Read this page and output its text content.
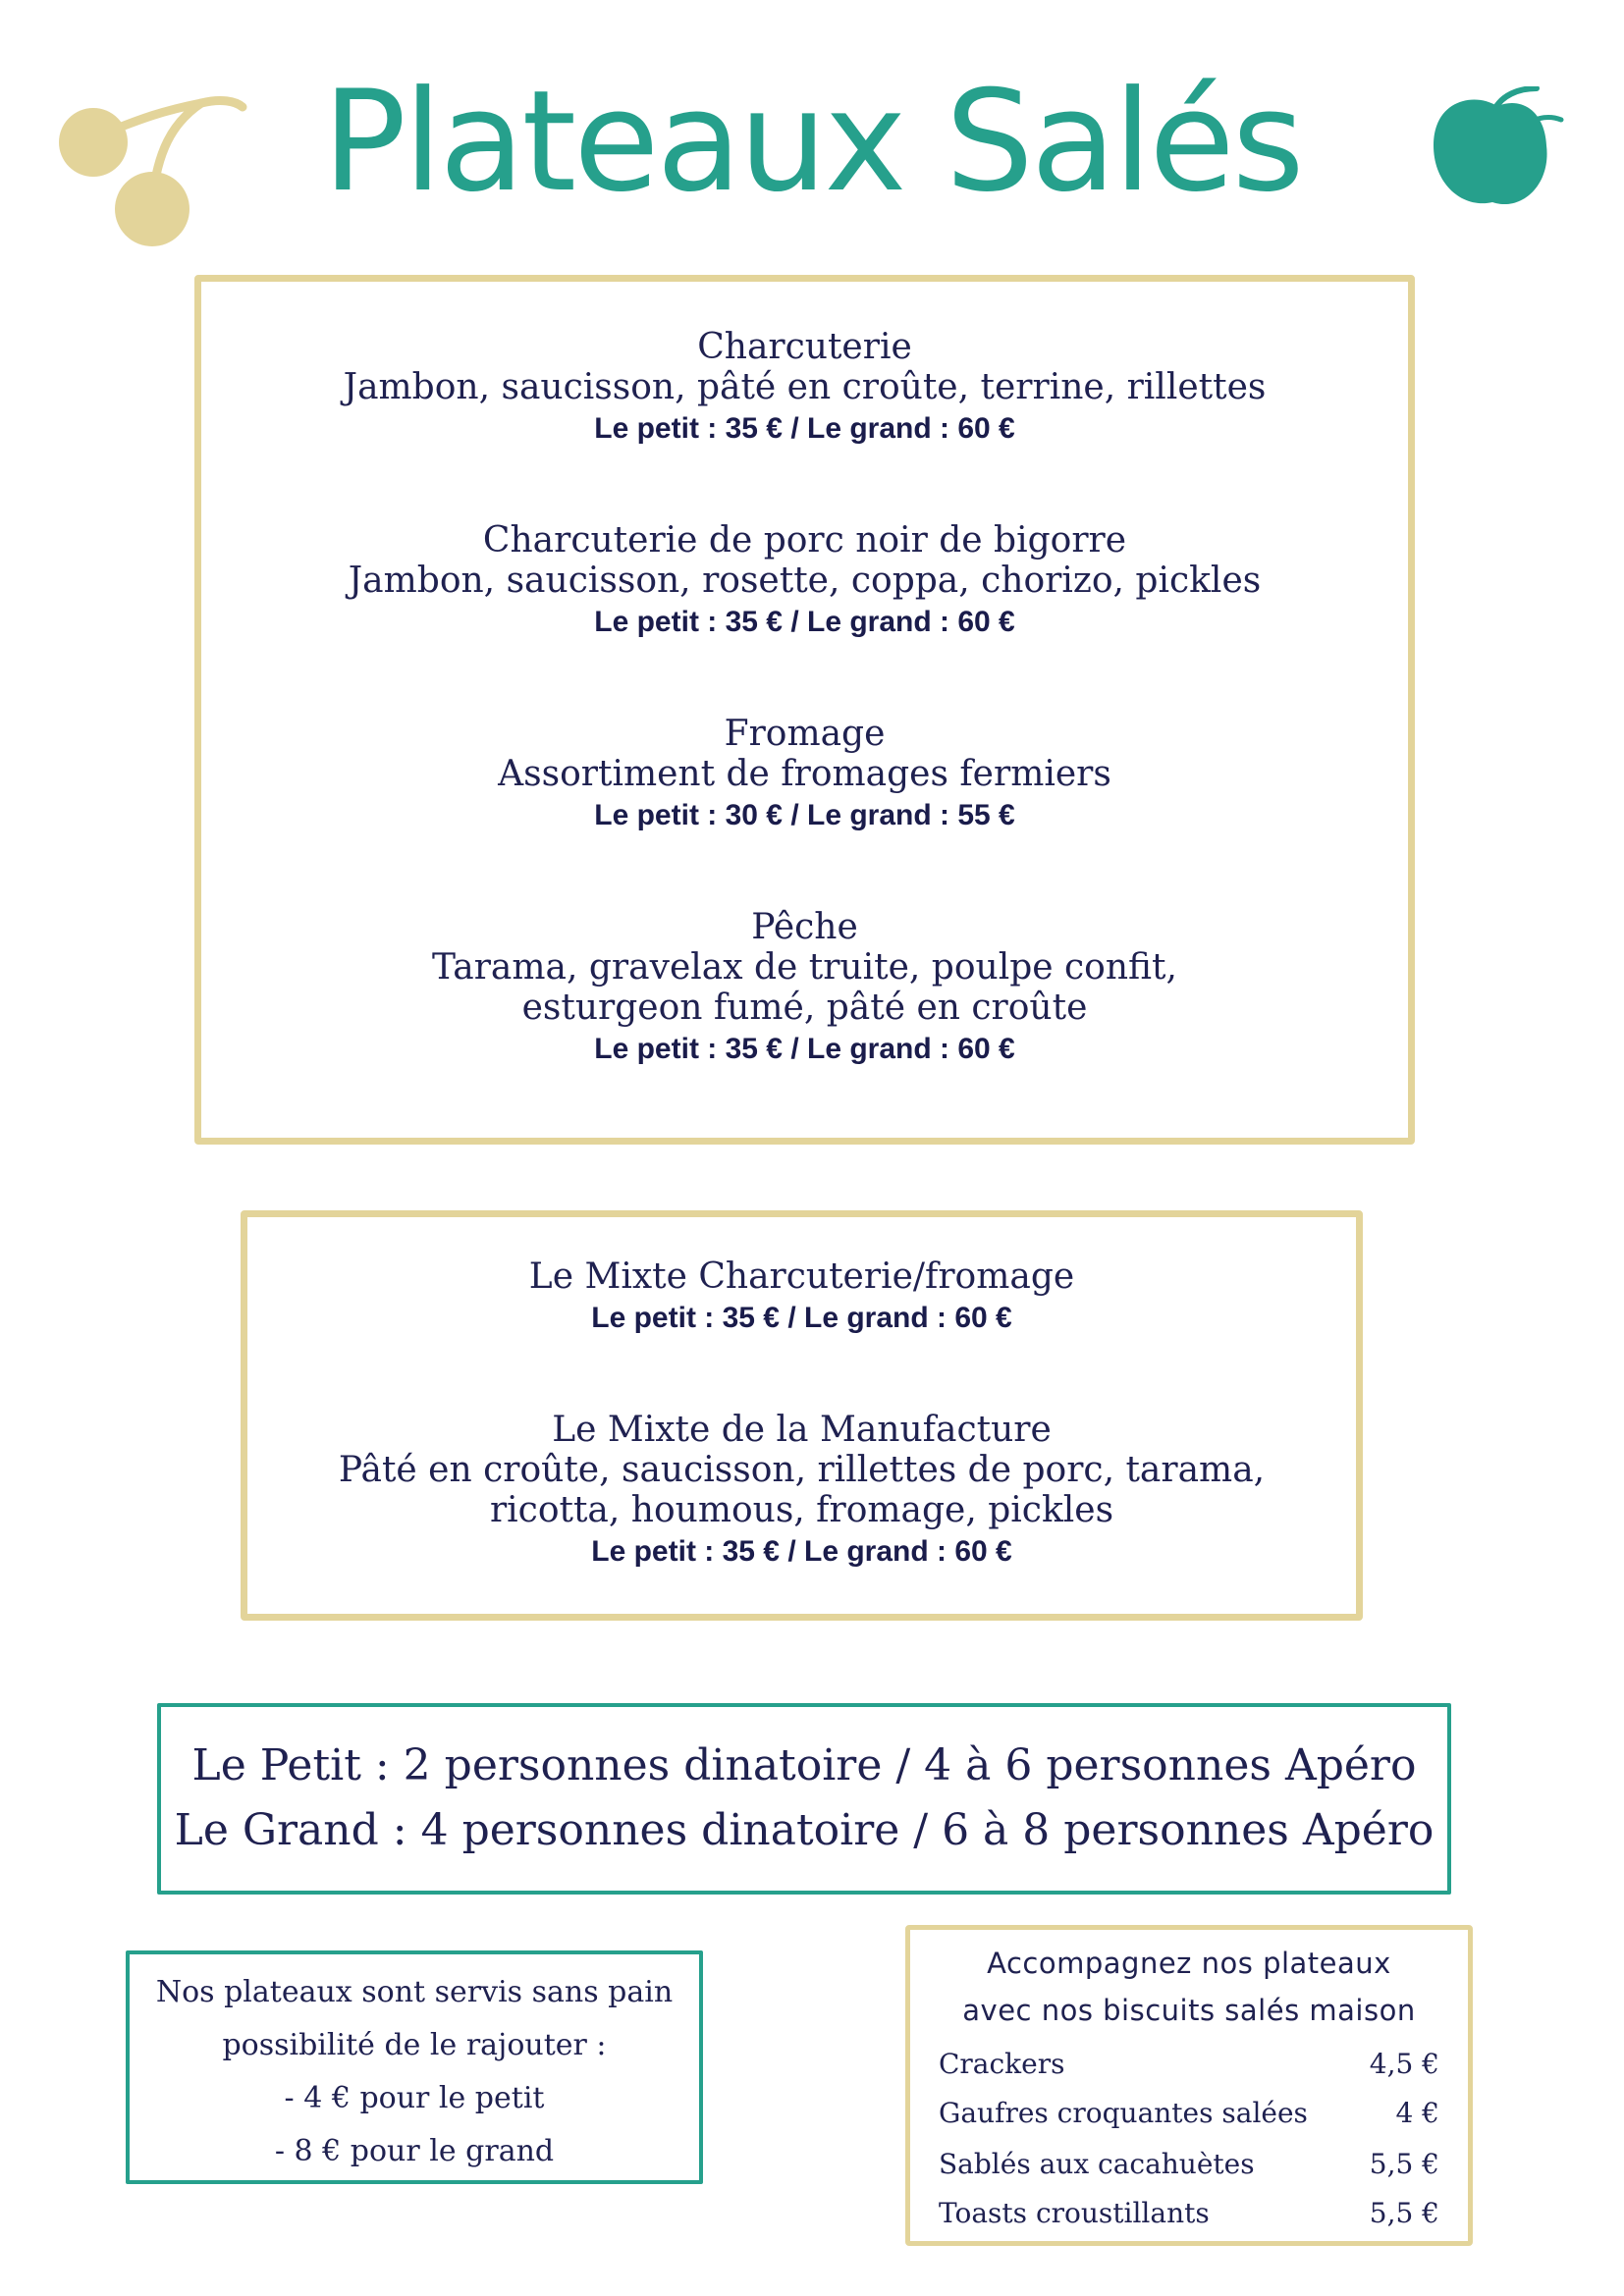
Plateaux Salés
Charcuterie
Jambon, saucisson, pâté en croûte, terrine, rillettes
Le petit : 35 € / Le grand : 60 €
Charcuterie de porc noir de bigorre
Jambon, saucisson, rosette, coppa, chorizo, pickles
Le petit : 35 € / Le grand : 60 €
Fromage
Assortiment de fromages fermiers
Le petit : 30 € / Le grand : 55 €
Pêche
Tarama, gravelax de truite, poulpe confit,
esturgeon fumé, pâté en croûte
Le petit : 35 € / Le grand : 60 €
Le Mixte Charcuterie/fromage
Le petit : 35 € / Le grand : 60 €
Le Mixte de la Manufacture
Pâté en croûte, saucisson, rillettes de porc, tarama,
ricotta, houmous, fromage, pickles
Le petit : 35 € / Le grand : 60 €
Le Petit : 2 personnes dinatoire / 4 à 6 personnes Apéro
Le Grand : 4 personnes dinatoire / 6 à 8 personnes Apéro
Nos plateaux sont servis sans pain
possibilité de le rajouter :
- 4 € pour le petit
- 8 € pour le grand
Accompagnez nos plateaux
avec nos biscuits salés maison
Crackers	4,5 €
Gaufres croquantes salées	4 €
Sablés aux cacahuètes	5,5 €
Toasts croustillants	5,5 €
